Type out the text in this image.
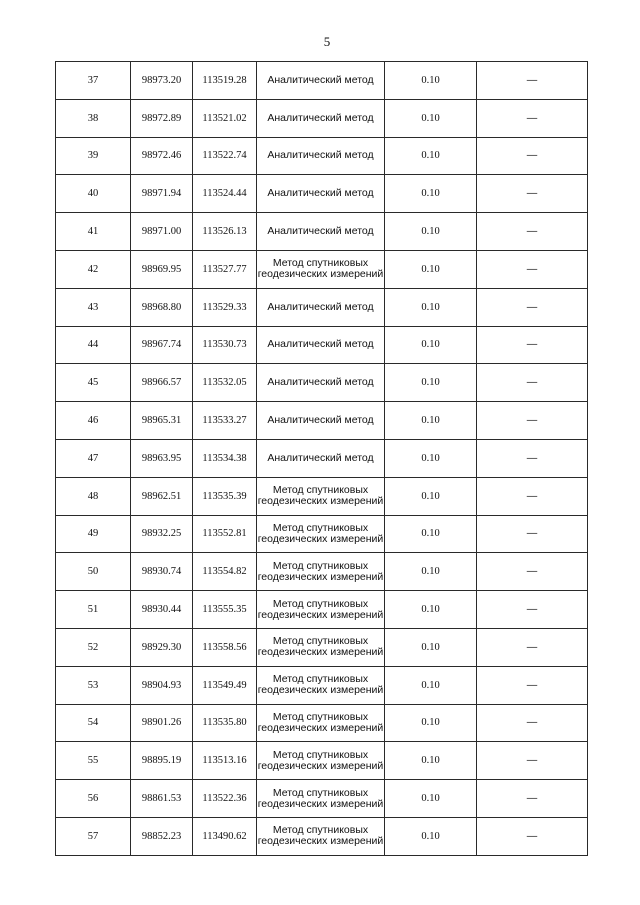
5
37	98973.20	113519.28	Аналитический метод	0.10	—
38	98972.89	113521.02	Аналитический метод	0.10	—
39	98972.46	113522.74	Аналитический метод	0.10	—
40	98971.94	113524.44	Аналитический метод	0.10	—
41	98971.00	113526.13	Аналитический метод	0.10	—
42	98969.95	113527.77	Метод спутниковых геодезических измерений	0.10	—
43	98968.80	113529.33	Аналитический метод	0.10	—
44	98967.74	113530.73	Аналитический метод	0.10	—
45	98966.57	113532.05	Аналитический метод	0.10	—
46	98965.31	113533.27	Аналитический метод	0.10	—
47	98963.95	113534.38	Аналитический метод	0.10	—
48	98962.51	113535.39	Метод спутниковых геодезических измерений	0.10	—
49	98932.25	113552.81	Метод спутниковых геодезических измерений	0.10	—
50	98930.74	113554.82	Метод спутниковых геодезических измерений	0.10	—
51	98930.44	113555.35	Метод спутниковых геодезических измерений	0.10	—
52	98929.30	113558.56	Метод спутниковых геодезических измерений	0.10	—
53	98904.93	113549.49	Метод спутниковых геодезических измерений	0.10	—
54	98901.26	113535.80	Метод спутниковых геодезических измерений	0.10	—
55	98895.19	113513.16	Метод спутниковых геодезических измерений	0.10	—
56	98861.53	113522.36	Метод спутниковых геодезических измерений	0.10	—
57	98852.23	113490.62	Метод спутниковых геодезических измерений	0.10	—
